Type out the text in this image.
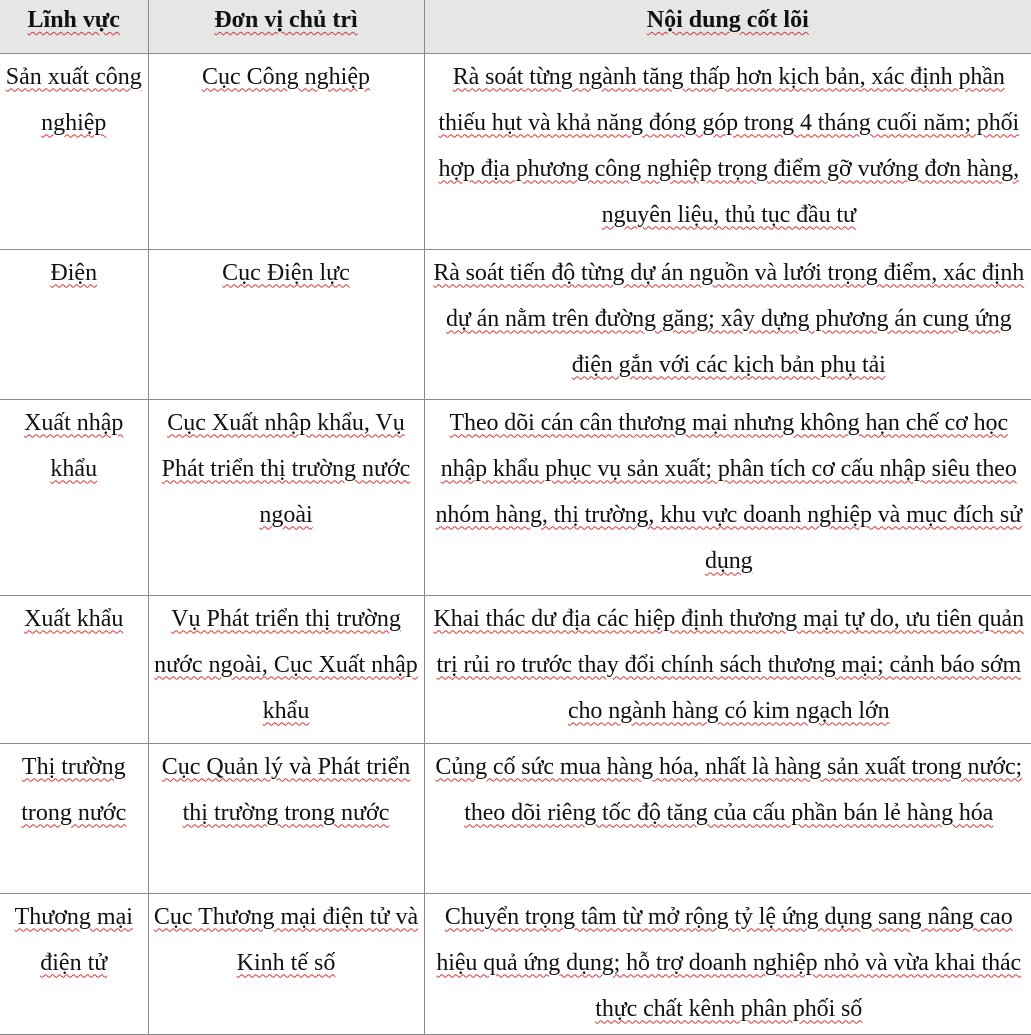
Lĩnh vực	Đơn vị chủ trì	Nội dung cốt lõi
Sản xuất công nghiệp	Cục Công nghiệp	Rà soát từng ngành tăng thấp hơn kịch bản, xác định phần thiếu hụt và khả năng đóng góp trong 4 tháng cuối năm; phối hợp địa phương công nghiệp trọng điểm gỡ vướng đơn hàng, nguyên liệu, thủ tục đầu tư
Điện	Cục Điện lực	Rà soát tiến độ từng dự án nguồn và lưới trọng điểm, xác định dự án nằm trên đường găng; xây dựng phương án cung ứng điện gắn với các kịch bản phụ tải
Xuất nhập khẩu	Cục Xuất nhập khẩu, Vụ Phát triển thị trường nước ngoài	Theo dõi cán cân thương mại nhưng không hạn chế cơ học nhập khẩu phục vụ sản xuất; phân tích cơ cấu nhập siêu theo nhóm hàng, thị trường, khu vực doanh nghiệp và mục đích sử dụng
Xuất khẩu	Vụ Phát triển thị trường nước ngoài, Cục Xuất nhập khẩu	Khai thác dư địa các hiệp định thương mại tự do, ưu tiên quản trị rủi ro trước thay đổi chính sách thương mại; cảnh báo sớm cho ngành hàng có kim ngạch lớn
Thị trường trong nước	Cục Quản lý và Phát triển thị trường trong nước	Củng cố sức mua hàng hóa, nhất là hàng sản xuất trong nước; theo dõi riêng tốc độ tăng của cấu phần bán lẻ hàng hóa
Thương mại điện tử	Cục Thương mại điện tử và Kinh tế số	Chuyển trọng tâm từ mở rộng tỷ lệ ứng dụng sang nâng cao hiệu quả ứng dụng; hỗ trợ doanh nghiệp nhỏ và vừa khai thác thực chất kênh phân phối số
